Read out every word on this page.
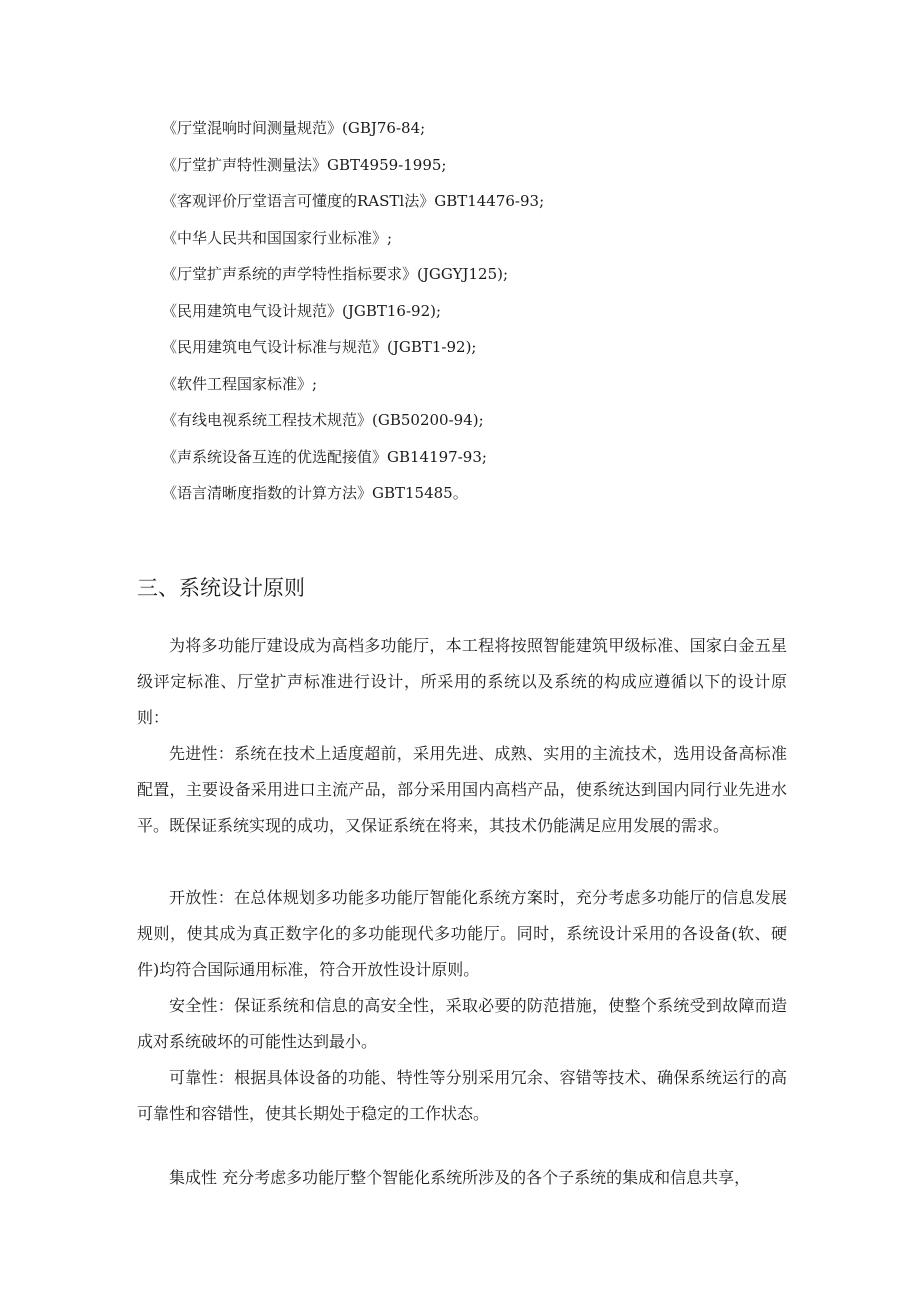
《厅堂混响时间测量规范》(GBJ76-84;
《厅堂扩声特性测量法》GBT4959-1995;
《客观评价厅堂语言可懂度的RASTl法》GBT14476-93;
《中华人民共和国国家行业标准》;
《厅堂扩声系统的声学特性指标要求》(JGGYJ125);
《民用建筑电气设计规范》(JGBT16-92);
《民用建筑电气设计标准与规范》(JGBT1-92);
《软件工程国家标准》;
《有线电视系统工程技术规范》(GB50200-94);
《声系统设备互连的优选配接值》GB14197-93;
《语言清晰度指数的计算方法》GBT15485。
三、系统设计原则

为将多功能厅建设成为高档多功能厅，本工程将按照智能建筑甲级标准、国家白金五星级评定标准、厅堂扩声标准进行设计，所采用的系统以及系统的构成应遵循以下的设计原则：

先进性：系统在技术上适度超前，采用先进、成熟、实用的主流技术，选用设备高标准配置，主要设备采用进口主流产品，部分采用国内高档产品，使系统达到国内同行业先进水平。既保证系统实现的成功，又保证系统在将来，其技术仍能满足应用发展的需求。

开放性：在总体规划多功能多功能厅智能化系统方案时，充分考虑多功能厅的信息发展规则，使其成为真正数字化的多功能现代多功能厅。同时，系统设计采用的各设备(软、硬件)均符合国际通用标准，符合开放性设计原则。

安全性：保证系统和信息的高安全性，采取必要的防范措施，使整个系统受到故障而造成对系统破坏的可能性达到最小。

可靠性：根据具体设备的功能、特性等分别采用冗余、容错等技术、确保系统运行的高可靠性和容错性，使其长期处于稳定的工作状态。

集成性 充分考虑多功能厅整个智能化系统所涉及的各个子系统的集成和信息共享，
